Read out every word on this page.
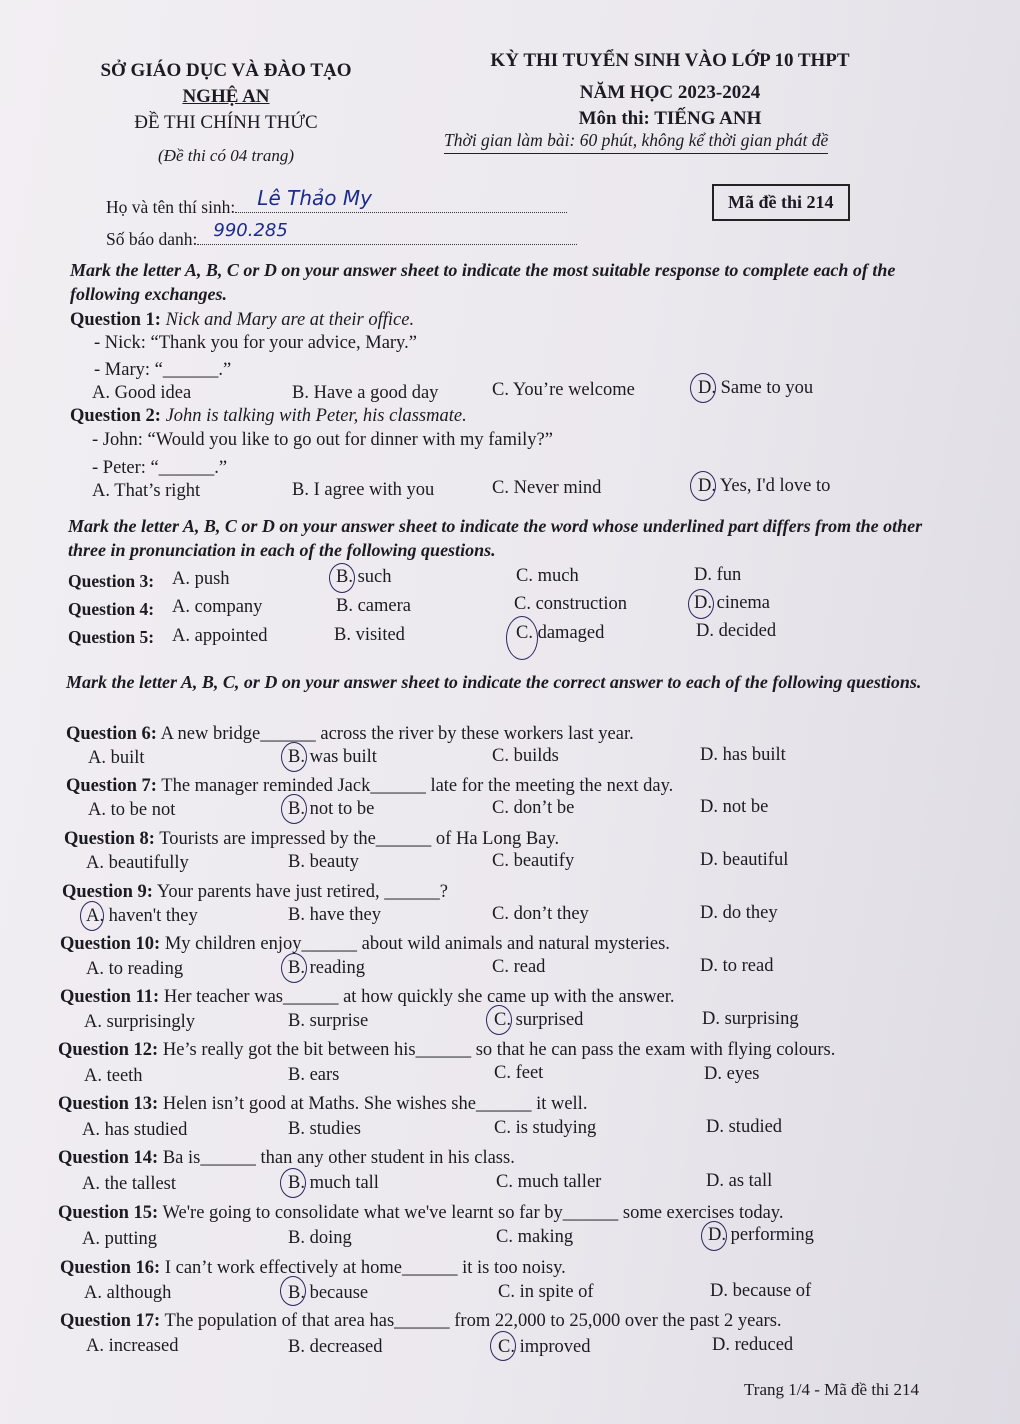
SỞ GIÁO DỤC VÀ ĐÀO TẠO
NGHỆ AN
ĐỀ THI CHÍNH THỨC
(Đề thi có 04 trang)
KỲ THI TUYỂN SINH VÀO LỚP 10 THPT
NĂM HỌC 2023-2024
Môn thi: TIẾNG ANH
Thời gian làm bài: 60 phút, không kể thời gian phát đề
Họ và tên thí sinh: Lê Thảo My
Số báo danh: 990.285
Mã đề thi 214
Mark the letter A, B, C or D on your answer sheet to indicate the most suitable response to complete each of the following exchanges.
Question 1: Nick and Mary are at their office.
- Nick: “Thank you for your advice, Mary.”
- Mary: “______.”
A. Good idea	B. Have a good day	C. You’re welcome	D. Same to you
Question 2: John is talking with Peter, his classmate.
- John: “Would you like to go out for dinner with my family?”
- Peter: “______.”
A. That’s right	B. I agree with you	C. Never mind	D. Yes, I'd love to
Mark the letter A, B, C or D on your answer sheet to indicate the word whose underlined part differs from the other three in pronunciation in each of the following questions.
Question 3: A. push	B. such	C. much	D. fun
Question 4: A. company	B. camera	C. construction	D. cinema
Question 5: A. appointed	B. visited	C. damaged	D. decided
Mark the letter A, B, C, or D on your answer sheet to indicate the correct answer to each of the following questions.
Question 6: A new bridge______ across the river by these workers last year.
A. built	B. was built	C. builds	D. has built
Question 7: The manager reminded Jack______ late for the meeting the next day.
A. to be not	B. not to be	C. don’t be	D. not be
Question 8: Tourists are impressed by the______ of Ha Long Bay.
A. beautifully	B. beauty	C. beautify	D. beautiful
Question 9: Your parents have just retired, ______?
A. haven't they	B. have they	C. don’t they	D. do they
Question 10: My children enjoy______ about wild animals and natural mysteries.
A. to reading	B. reading	C. read	D. to read
Question 11: Her teacher was______ at how quickly she came up with the answer.
A. surprisingly	B. surprise	C. surprised	D. surprising
Question 12: He’s really got the bit between his______ so that he can pass the exam with flying colours.
A. teeth	B. ears	C. feet	D. eyes
Question 13: Helen isn’t good at Maths. She wishes she______ it well.
A. has studied	B. studies	C. is studying	D. studied
Question 14: Ba is______ than any other student in his class.
A. the tallest	B. much tall	C. much taller	D. as tall
Question 15: We're going to consolidate what we've learnt so far by______ some exercises today.
A. putting	B. doing	C. making	D. performing
Question 16: I can’t work effectively at home______ it is too noisy.
A. although	B. because	C. in spite of	D. because of
Question 17: The population of that area has______ from 22,000 to 25,000 over the past 2 years.
A. increased	B. decreased	C. improved	D. reduced
Trang 1/4 - Mã đề thi 214
